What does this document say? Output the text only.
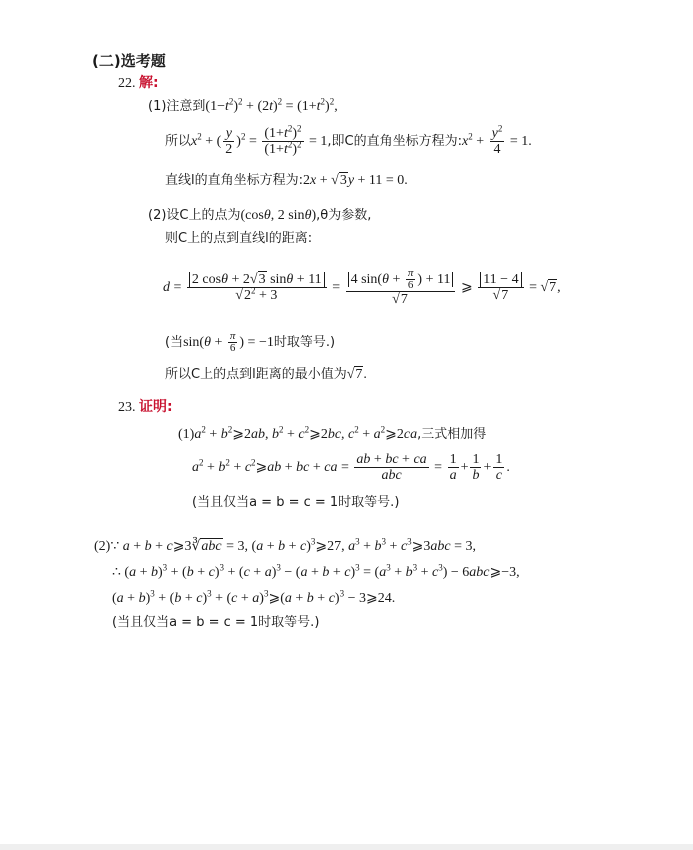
(二)选考题
22. 解:
(1)注意到$(1-t^2)^2 + (2t)^2 = (1+t^2)^2$,
所以$x^2$ + ( $\frac{y}{2} )^2 = \frac{(1+t^2)^2}{(1+t^2)^2} = 1$,即C的直角坐标方程为$:x^2 + \frac{y^2}{4} = 1$.
直线l的直角坐标方程为:2x + √3y + 11 = 0.
(2)设C上的点为(cosθ, 2 sinθ),θ为参数,
则C上的点到直线l的距离:
$d = \frac{2 \cos\theta + 2√3 \sin\theta + 11}{√2^2 + 3} = \frac{4 \sin(\theta + \frac{\pi}{6} ) + 11}{√7}$ ⩾ $\frac{11 - 4}{√7} = √7$,
(当$\sin(\theta + \frac{\pi}{6}$ ) = −1时取等号.)
所以C上的点到l距离的最小值为√7.
23. 证明:
$(1)a^2$ + $b^2⩾2ab$, $b^2$ + $c^2⩾2bc$, $c^2$ + $a^2⩾2ca$,三式相加得
$a^2 + b^2$ + $c^2⩾ab$ + bc + ca =
ab + bc + ca
abc
= $\frac{1}{a} + \frac{1}{b} + \frac{1}{c}$ .
(当且仅当a = b = c = 1时取等号.)
(2)∵ a + b + c⩾3∛abc = 3, $(a + b + c)^3⩾27$, $a^3 + b^3$ + $c^3⩾3abc = 3$,
∴ $(a + b)^3 + (b + c)^3 + (c + a)^3 - (a + b + c)^3 = (a^3 + b^3 + c^3)$ − 6abc⩾−3,
$(a + b)^3 + (b + c)^3 + (c$ + $a)^3⩾(a + b + c)^3$ − 3⩾24.
(当且仅当a = b = c = 1时取等号.)
